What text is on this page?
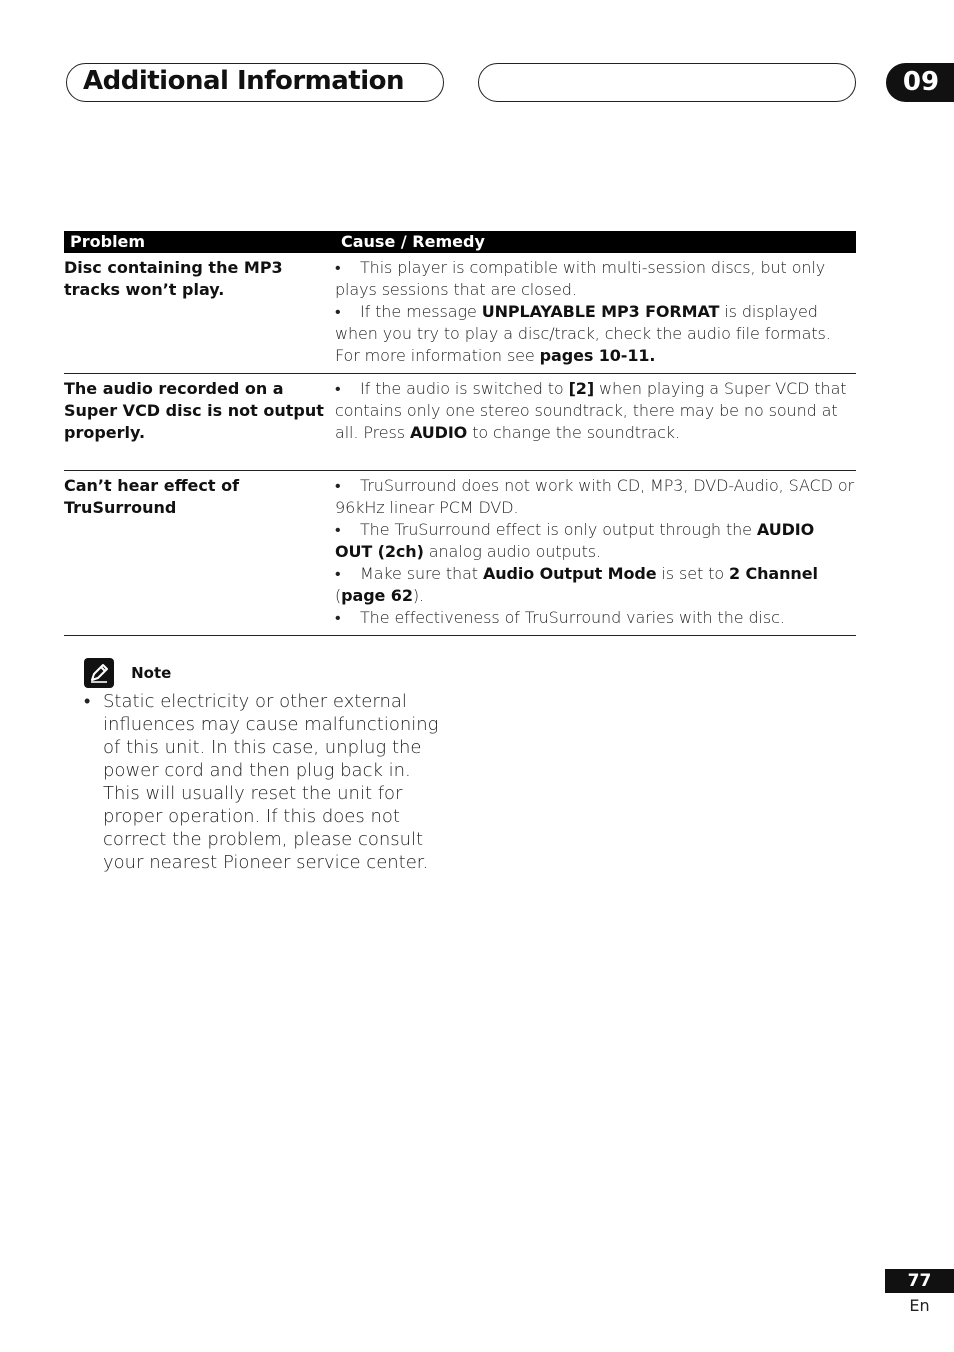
Additional Information	09
Problem	Cause / Remedy
Disc containing the MP3 tracks won’t play.	• This player is compatible with multi-session discs, but only plays sessions that are closed.
• If the message UNPLAYABLE MP3 FORMAT is displayed when you try to play a disc/track, check the audio file formats. For more information see pages 10-11.

The audio recorded on a Super VCD disc is not output properly.	• If the audio is switched to [2] when playing a Super VCD that contains only one stereo soundtrack, there may be no sound at all. Press AUDIO to change the soundtrack.

Can’t hear effect of TruSurround	• TruSurround does not work with CD, MP3, DVD-Audio, SACD or 96kHz linear PCM DVD.
• The TruSurround effect is only output through the AUDIO OUT (2ch) analog audio outputs.
• Make sure that Audio Output Mode is set to 2 Channel (page 62).
• The effectiveness of TruSurround varies with the disc.
Note
• Static electricity or other external influences may cause malfunctioning of this unit. In this case, unplug the power cord and then plug back in. This will usually reset the unit for proper operation. If this does not correct the problem, please consult your nearest Pioneer service center.
77
En
